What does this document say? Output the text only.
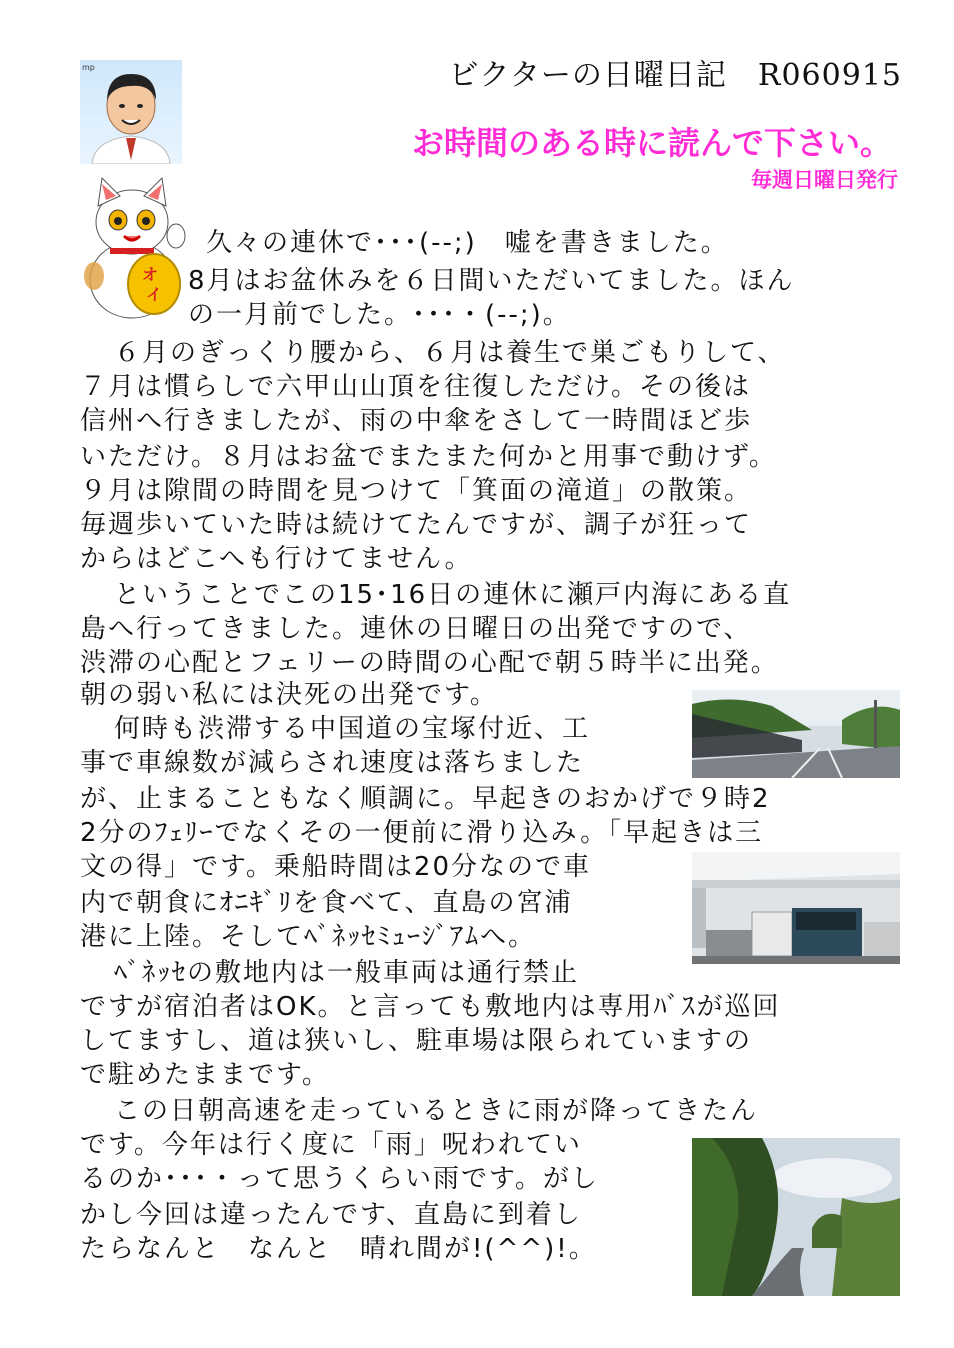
mp	ビクターの日曜日記　R060915
お時間のある時に読んで下さい。
毎週日曜日発行
オ
イ
久々の連休で･･･(--;)　嘘を書きました。
8月はお盆休みを６日間いただいてました。ほん
の一月前でした。･･･・(--;)。
６月のぎっくり腰から、６月は養生で巣ごもりして、
７月は慣らしで六甲山山頂を往復しただけ。その後は
信州へ行きましたが、雨の中傘をさして一時間ほど歩
いただけ。８月はお盆でまたまた何かと用事で動けず。
９月は隙間の時間を見つけて「箕面の滝道」の散策。
毎週歩いていた時は続けてたんですが、調子が狂って
からはどこへも行けてません。
ということでこの15･16日の連休に瀬戸内海にある直
島へ行ってきました。連休の日曜日の出発ですので、
渋滞の心配とフェリーの時間の心配で朝５時半に出発。
朝の弱い私には決死の出発です。
何時も渋滞する中国道の宝塚付近、工
事で車線数が減らされ速度は落ちました
が、止まることもなく順調に。早起きのおかげで９時2
2分のﾌｪﾘｰでなくその一便前に滑り込み。「早起きは三
文の得」です。乗船時間は20分なので車
内で朝食にｵﾆｷﾞﾘを食べて、直島の宮浦
港に上陸。そしてﾍﾞﾈｯｾﾐｭｰｼﾞｱﾑへ。
ﾍﾞﾈｯｾの敷地内は一般車両は通行禁止
ですが宿泊者はOK。と言っても敷地内は専用ﾊﾞｽが巡回
してますし、道は狭いし、駐車場は限られていますの
で駐めたままです。
この日朝高速を走っているときに雨が降ってきたん
です。今年は行く度に「雨」呪われてい
るのか･･･・って思うくらい雨です。がし
かし今回は違ったんです、直島に到着し
たらなんと　なんと　晴れ間が!(^^)!。
